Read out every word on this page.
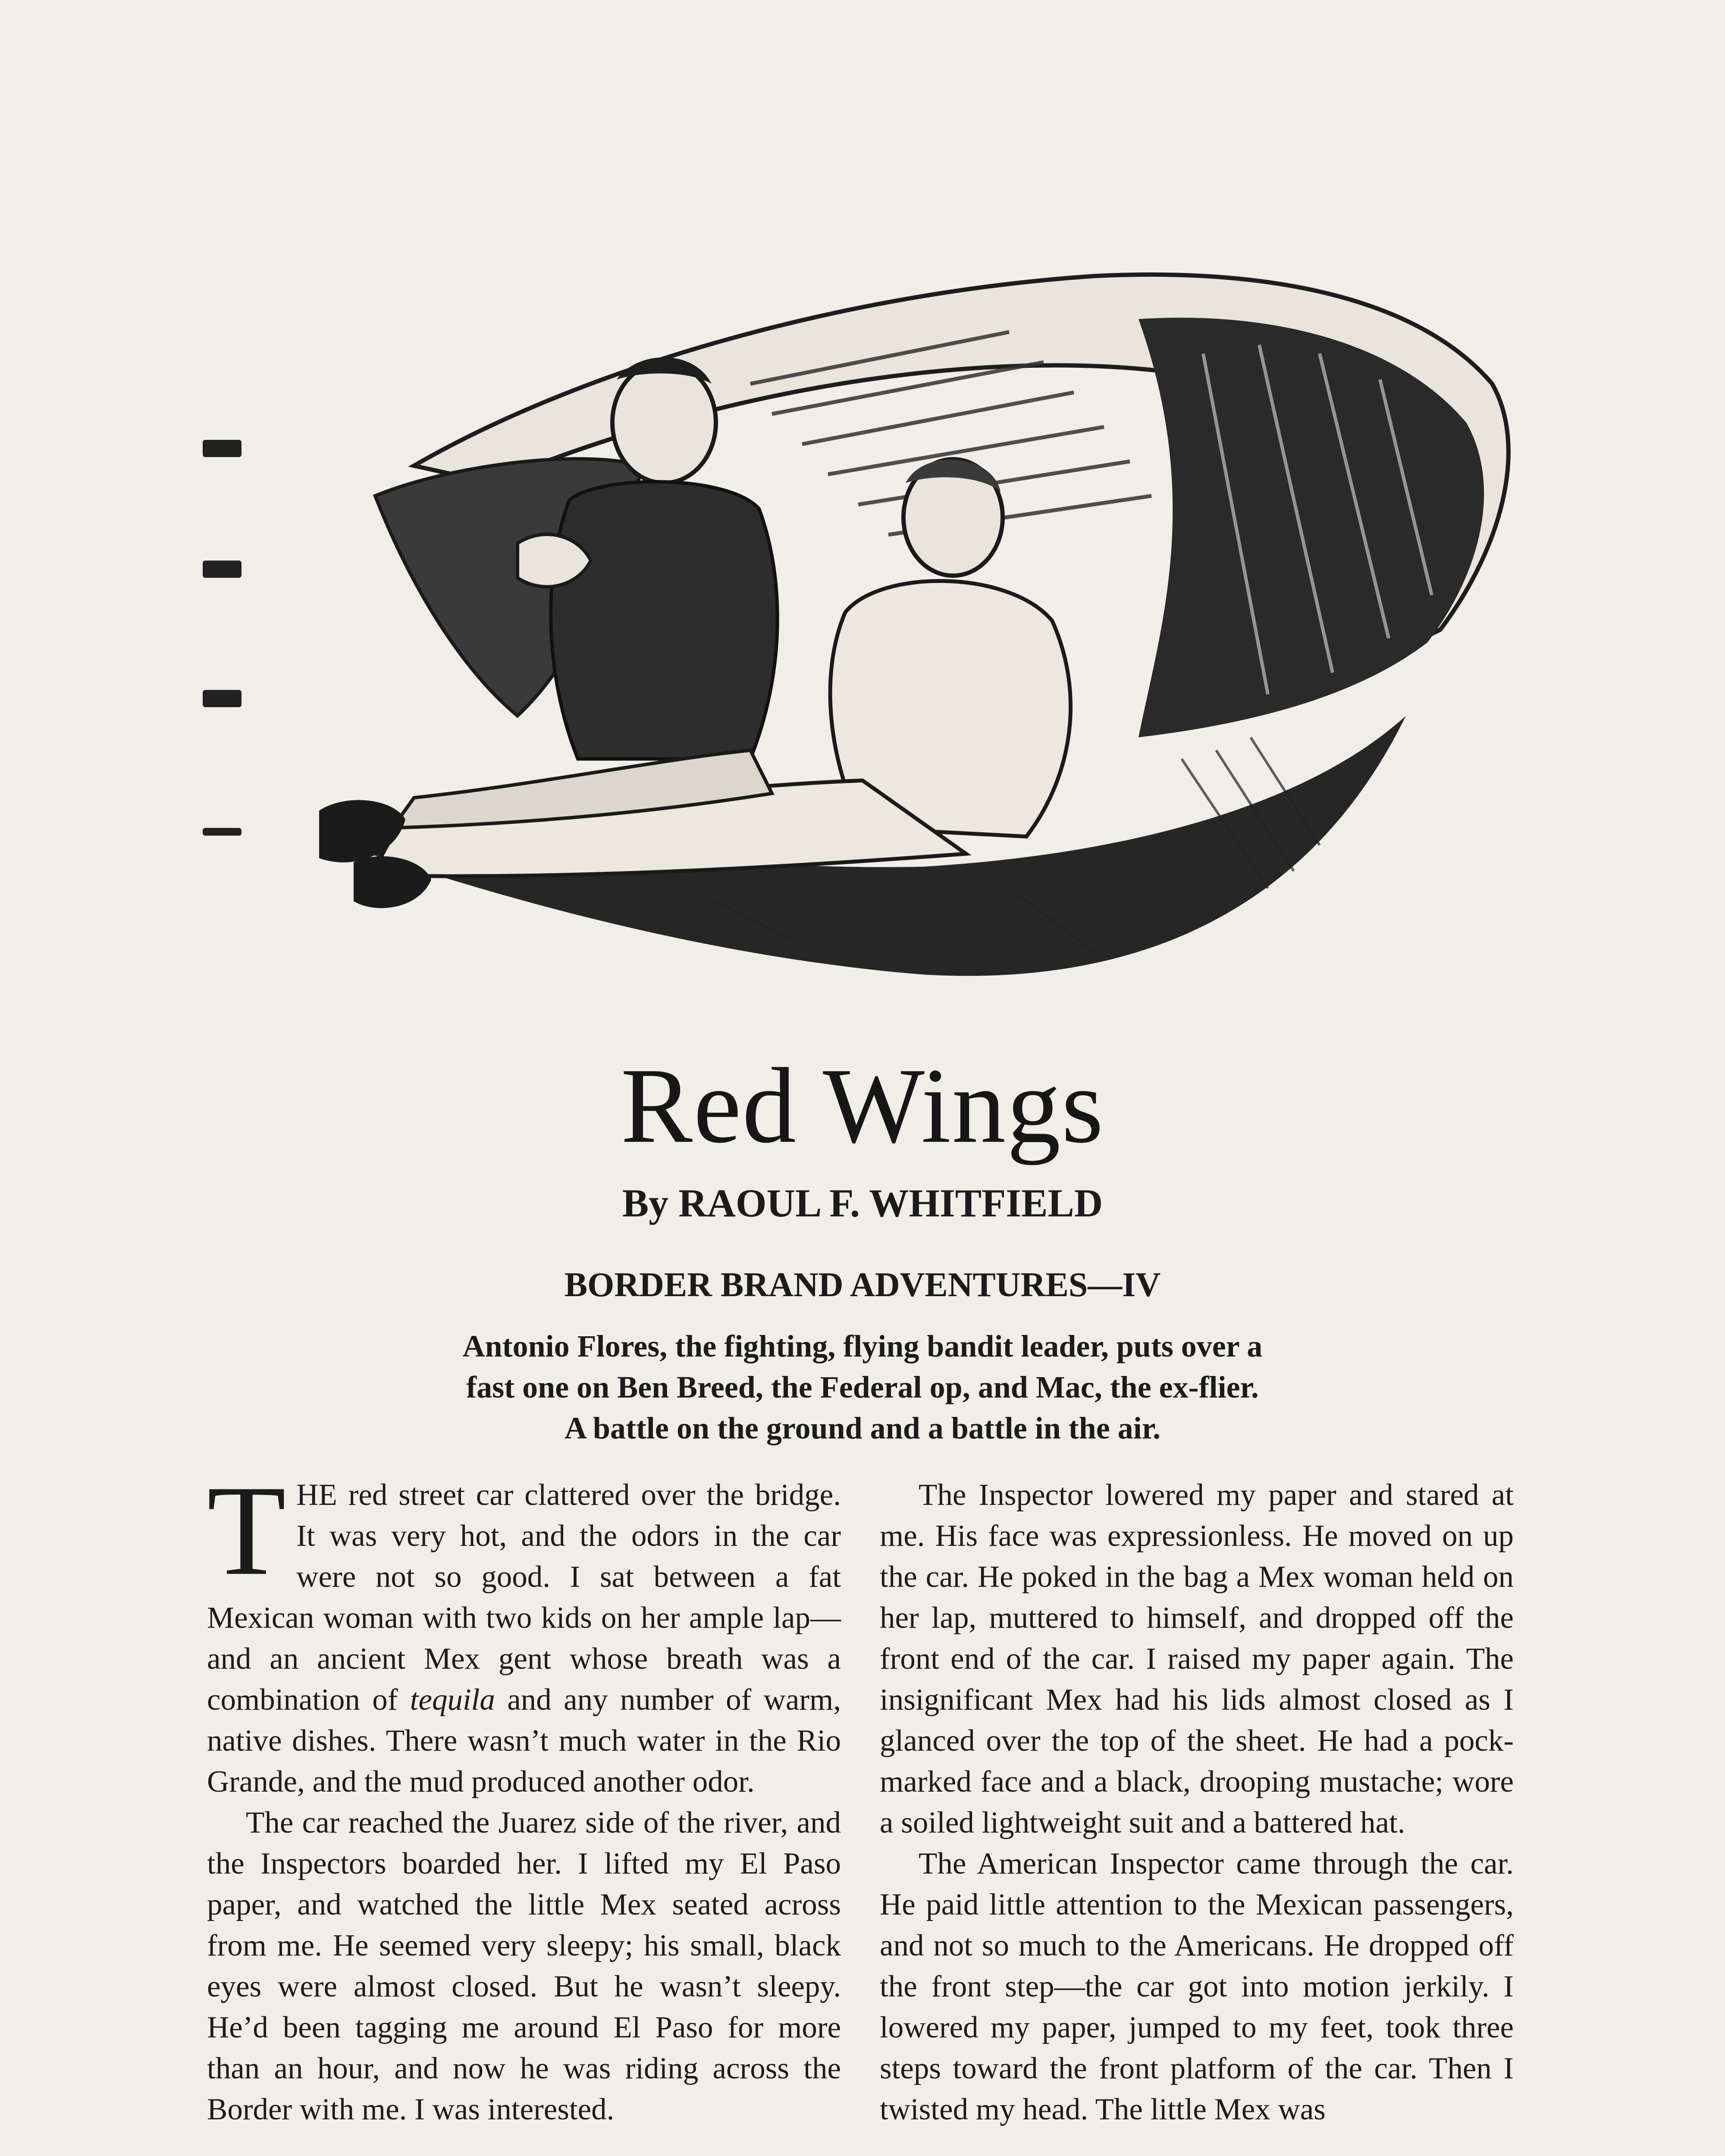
Red Wings
By RAOUL F. WHITFIELD
BORDER BRAND ADVENTURES—IV
Antonio Flores, the fighting, flying bandit leader, puts over a
fast one on Ben Breed, the Federal op, and Mac, the ex-flier.
A battle on the ground and a battle in the air.

THE red street car clattered over the bridge. It was very hot, and the odors in the car were not so good. I sat between a fat Mexican woman with two kids on her ample lap—and an ancient Mex gent whose breath was a combination of tequila and any number of warm, native dishes. There wasn’t much water in the Rio Grande, and the mud produced another odor.

The car reached the Juarez side of the river, and the Inspectors boarded her. I lifted my El Paso paper, and watched the little Mex seated across from me. He seemed very sleepy; his small, black eyes were almost closed. But he wasn’t sleepy. He’d been tagging me around El Paso for more than an hour, and now he was riding across the Border with me. I was interested.

The Inspector lowered my paper and stared at me. His face was expressionless. He moved on up the car. He poked in the bag a Mex woman held on her lap, muttered to himself, and dropped off the front end of the car. I raised my paper again. The insignificant Mex had his lids almost closed as I glanced over the top of the sheet. He had a pock-marked face and a black, drooping mustache; wore a soiled lightweight suit and a battered hat.

The American Inspector came through the car. He paid little attention to the Mexican passengers, and not so much to the Americans. He dropped off the front step—the car got into motion jerkily. I lowered my paper, jumped to my feet, took three steps toward the front platform of the car. Then I twisted my head. The little Mex was
